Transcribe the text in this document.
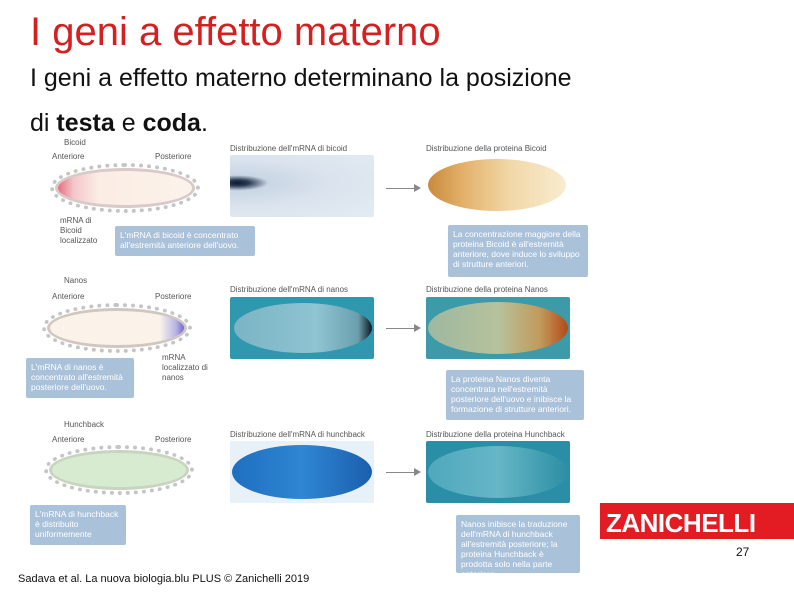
I geni a effetto materno
I geni a effetto materno determinano la posizione
di testa e coda.
Bicoid
Anteriore	Posteriore
mRNA di Bicoid localizzato
Distribuzione dell'mRNA di bicoid	Distribuzione della proteina Bicoid
L'mRNA di bicoid è concentrato all'estremità anteriore dell'uovo.
La concentrazione maggiore della proteina Bicoid è all'estremità anteriore, dove induce lo sviluppo di strutture anteriori.
Nanos
Anteriore	Posteriore
mRNA localizzato di nanos
Distribuzione dell'mRNA di nanos	Distribuzione della proteina Nanos
L'mRNA di nanos è concentrato all'estremità posteriore dell'uovo.
La proteina Nanos diventa concentrata nell'estremità posteriore dell'uovo e inibisce la formazione di strutture anteriori.
Hunchback
Anteriore	Posteriore
Distribuzione dell'mRNA di hunchback	Distribuzione della proteina Hunchback
L'mRNA di hunchback è distribuito uniformemente
Nanos inibisce la traduzione dell'mRNA di hunchback all'estremità posteriore; la proteina Hunchback è prodotta solo nella parte anteriore.
ZANICHELLI
27
Sadava et al. La nuova biologia.blu PLUS © Zanichelli 2019
